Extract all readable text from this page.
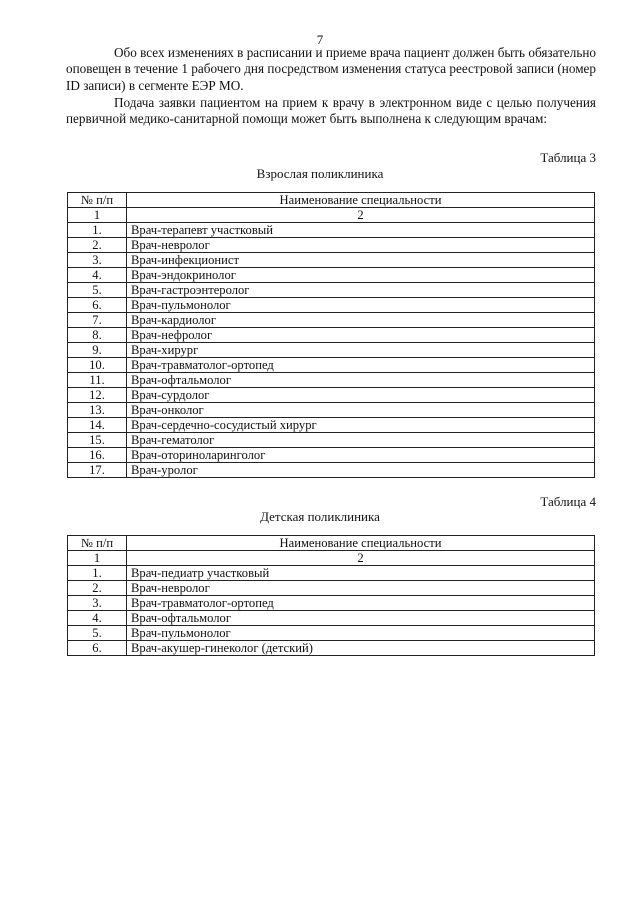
7
Обо всех изменениях в расписании и приеме врача пациент должен быть обязательно оповещен в течение 1 рабочего дня посредством изменения статуса реестровой записи (номер ID записи) в сегменте ЕЭР МО.
Подача заявки пациентом на прием к врачу в электронном виде с целью получения первичной медико-санитарной помощи может быть выполнена к следующим врачам:
Таблица 3
Взрослая поликлиника
№ п/п	Наименование специальности
1	2
1.	Врач-терапевт участковый
2.	Врач-невролог
3.	Врач-инфекционист
4.	Врач-эндокринолог
5.	Врач-гастроэнтеролог
6.	Врач-пульмонолог
7.	Врач-кардиолог
8.	Врач-нефролог
9.	Врач-хирург
10.	Врач-травматолог-ортопед
11.	Врач-офтальмолог
12.	Врач-сурдолог
13.	Врач-онколог
14.	Врач-сердечно-сосудистый хирург
15.	Врач-гематолог
16.	Врач-оториноларинголог
17.	Врач-уролог
Таблица 4
Детская поликлиника
№ п/п	Наименование специальности
1	2
1.	Врач-педиатр участковый
2.	Врач-невролог
3.	Врач-травматолог-ортопед
4.	Врач-офтальмолог
5.	Врач-пульмонолог
6.	Врач-акушер-гинеколог (детский)
